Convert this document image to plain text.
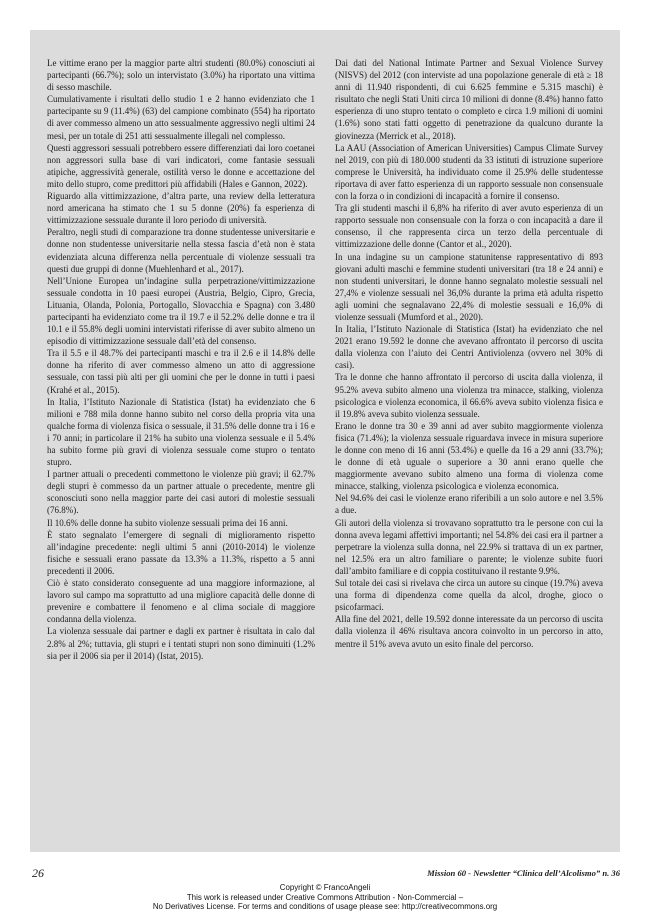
Le vittime erano per la maggior parte altri studenti (80.0%) conosciuti ai partecipanti (66.7%); solo un intervistato (3.0%) ha riportato una vittima di sesso maschile.

Cumulativamente i risultati dello studio 1 e 2 hanno evidenziato che 1 partecipante su 9 (11.4%) (63) del campione combinato (554) ha riportato di aver commesso almeno un atto sessualmente aggressivo negli ultimi 24 mesi, per un totale di 251 atti sessualmente illegali nel complesso.

Questi aggressori sessuali potrebbero essere differenziati dai loro coetanei non aggressori sulla base di vari indicatori, come fantasie sessuali atipiche, aggressività generale, ostilità verso le donne e accettazione del mito dello stupro, come predittori più affidabili (Hales e Gannon, 2022).

Riguardo alla vittimizzazione, d’altra parte, una review della letteratura nord americana ha stimato che 1 su 5 donne (20%) fa esperienza di vittimizzazione sessuale durante il loro periodo di università.

Peraltro, negli studi di comparazione tra donne studentesse universitarie e donne non studentesse universitarie nella stessa fascia d’età non è stata evidenziata alcuna differenza nella percentuale di violenze sessuali tra questi due gruppi di donne (Muehlenhard et al., 2017).

Nell’Unione Europea un’indagine sulla perpetrazione/vittimizzazione sessuale condotta in 10 paesi europei (Austria, Belgio, Cipro, Grecia, Lituania, Olanda, Polonia, Portogallo, Slovacchia e Spagna) con 3.480 partecipanti ha evidenziato come tra il 19.7 e il 52.2% delle donne e tra il 10.1 e il 55.8% degli uomini intervistati riferisse di aver subito almeno un episodio di vittimizzazione sessuale dall’età del consenso.

Tra il 5.5 e il 48.7% dei partecipanti maschi e tra il 2.6 e il 14.8% delle donne ha riferito di aver commesso almeno un atto di aggressione sessuale, con tassi più alti per gli uomini che per le donne in tutti i paesi (Krahé et al., 2015).

In Italia, l’Istituto Nazionale di Statistica (Istat) ha evidenziato che 6 milioni e 788 mila donne hanno subito nel corso della propria vita una qualche forma di violenza fisica o sessuale, il 31.5% delle donne tra i 16 e i 70 anni; in particolare il 21% ha subito una violenza sessuale e il 5.4% ha subito forme più gravi di violenza sessuale come stupro o tentato stupro.

I partner attuali o precedenti commettono le violenze più gravi; il 62.7% degli stupri è commesso da un partner attuale o precedente, mentre gli sconosciuti sono nella maggior parte dei casi autori di molestie sessuali (76.8%).

Il 10.6% delle donne ha subito violenze sessuali prima dei 16 anni.

È stato segnalato l’emergere di segnali di miglioramento rispetto all’indagine precedente: negli ultimi 5 anni (2010-2014) le violenze fisiche e sessuali erano passate da 13.3% a 11.3%, rispetto a 5 anni precedenti il 2006.

Ciò è stato considerato conseguente ad una maggiore informazione, al lavoro sul campo ma soprattutto ad una migliore capacità delle donne di prevenire e combattere il fenomeno e al clima sociale di maggiore condanna della violenza.

La violenza sessuale dai partner e dagli ex partner è risultata in calo dal 2.8% al 2%; tuttavia, gli stupri e i tentati stupri non sono diminuiti (1.2% sia per il 2006 sia per il 2014) (Istat, 2015).

Dai dati del National Intimate Partner and Sexual Violence Survey (NISVS) del 2012 (con interviste ad una popolazione generale di età ≥ 18 anni di 11.940 rispondenti, di cui 6.625 femmine e 5.315 maschi) è risultato che negli Stati Uniti circa 10 milioni di donne (8.4%) hanno fatto esperienza di uno stupro tentato o completo e circa 1.9 milioni di uomini (1.6%) sono stati fatti oggetto di penetrazione da qualcuno durante la giovinezza (Merrick et al., 2018).

La AAU (Association of American Universities) Campus Climate Survey nel 2019, con più di 180.000 studenti da 33 istituti di istruzione superiore comprese le Università, ha individuato come il 25.9% delle studentesse riportava di aver fatto esperienza di un rapporto sessuale non consensuale con la forza o in condizioni di incapacità a fornire il consenso.

Tra gli studenti maschi il 6,8% ha riferito di aver avuto esperienza di un rapporto sessuale non consensuale con la forza o con incapacità a dare il consenso, il che rappresenta circa un terzo della percentuale di vittimizzazione delle donne (Cantor et al., 2020).

In una indagine su un campione statunitense rappresentativo di 893 giovani adulti maschi e femmine studenti universitari (tra 18 e 24 anni) e non studenti universitari, le donne hanno segnalato molestie sessuali nel 27,4% e violenze sessuali nel 36,0% durante la prima età adulta rispetto agli uomini che segnalavano 22,4% di molestie sessuali e 16,0% di violenze sessuali (Mumford et al., 2020).

In Italia, l’Istituto Nazionale di Statistica (Istat) ha evidenziato che nel 2021 erano 19.592 le donne che avevano affrontato il percorso di uscita dalla violenza con l’aiuto dei Centri Antiviolenza (ovvero nel 30% di casi).

Tra le donne che hanno affrontato il percorso di uscita dalla violenza, il 95.2% aveva subito almeno una violenza tra minacce, stalking, violenza psicologica e violenza economica, il 66.6% aveva subito violenza fisica e il 19.8% aveva subito violenza sessuale.

Erano le donne tra 30 e 39 anni ad aver subito maggiormente violenza fisica (71.4%); la violenza sessuale riguardava invece in misura superiore le donne con meno di 16 anni (53.4%) e quelle da 16 a 29 anni (33.7%); le donne di età uguale o superiore a 30 anni erano quelle che maggiormente avevano subito almeno una forma di violenza come minacce, stalking, violenza psicologica e violenza economica.

Nel 94.6% dei casi le violenze erano riferibili a un solo autore e nel 3.5% a due.

Gli autori della violenza si trovavano soprattutto tra le persone con cui la donna aveva legami affettivi importanti; nel 54.8% dei casi era il partner a perpetrare la violenza sulla donna, nel 22.9% si trattava di un ex partner, nel 12.5% era un altro familiare o parente; le violenze subite fuori dall’ambito familiare e di coppia costituivano il restante 9.9%.

Sul totale dei casi si rivelava che circa un autore su cinque (19.7%) aveva una forma di dipendenza come quella da alcol, droghe, gioco o psicofarmaci.

Alla fine del 2021, delle 19.592 donne interessate da un percorso di uscita dalla violenza il 46% risultava ancora coinvolto in un percorso in atto, mentre il 51% aveva avuto un esito finale del percorso.

26	Mission 60 - Newsletter “Clinica dell’Alcolismo” n. 36
Copyright © FrancoAngeli
This work is released under Creative Commons Attribution - Non-Commercial –
No Derivatives License. For terms and conditions of usage please see: http://creativecommons.org
